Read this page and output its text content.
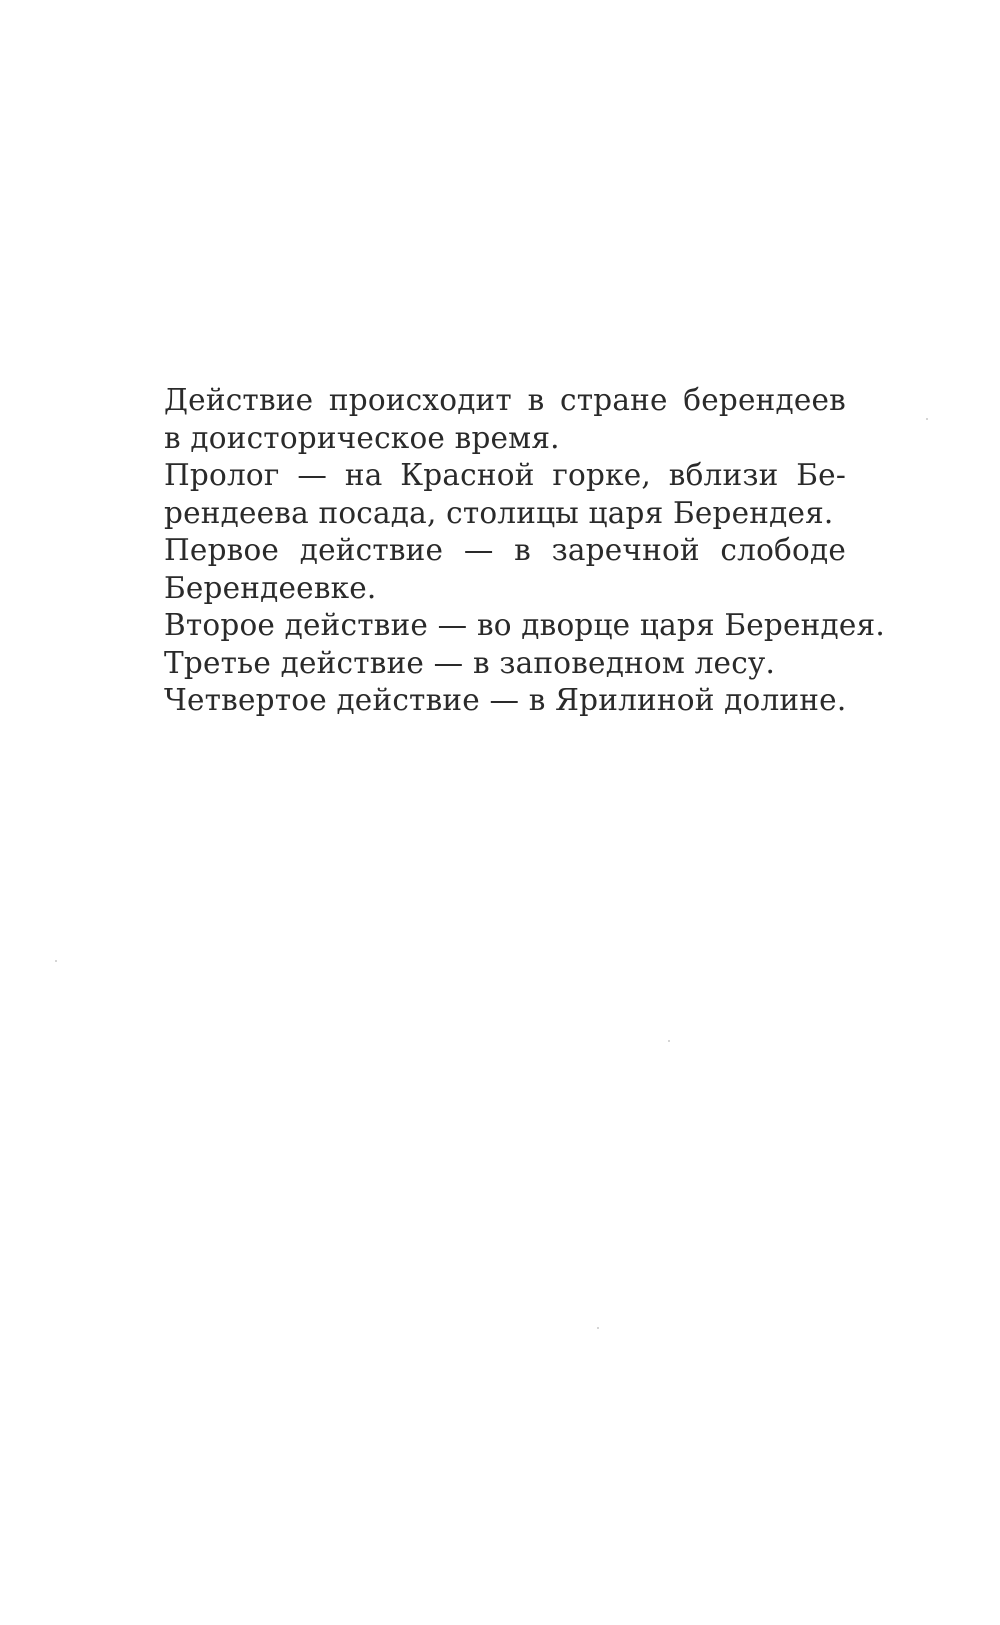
Действие происходит в стране берендеев
в доисторическое время.
Пролог — на Красной горке, вблизи Бе-
рендеева посада, столицы царя Берендея.
Первое действие — в заречной слободе
Берендеевке.
Второе действие — во дворце царя Берендея.
Третье действие — в заповедном лесу.
Четвертое действие — в Ярилиной долине.
